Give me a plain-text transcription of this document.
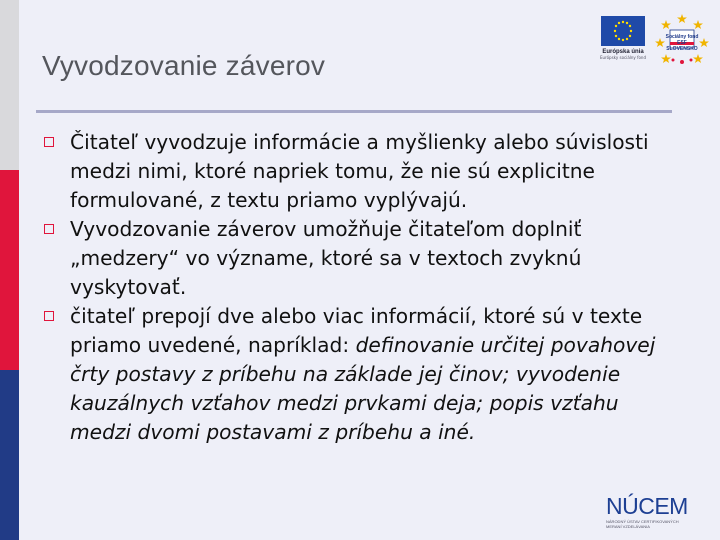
Vyvodzovanie záverov	Európska únia
Európsky sociálny fond
Sociálny fond ESF
SLOVENSKO

Čitateľ vyvodzuje informácie a myšlienky alebo súvislosti medzi nimi, ktoré napriek tomu, že nie sú explicitne formulované, z textu priamo vyplývajú.

Vyvodzovanie záverov umožňuje čitateľom doplniť „medzery“ vo význame, ktoré sa v textoch zvyknú vyskytovať.

čitateľ prepojí dve alebo viac informácií, ktoré sú v texte priamo uvedené, napríklad: definovanie určitej povahovej črty postavy z príbehu na základe jej činov; vyvodenie kauzálnych vzťahov medzi prvkami deja; popis vzťahu medzi dvomi postavami z príbehu a iné.

NÚCEM
NÁRODNÝ ÚSTAV CERTIFIKOVANÝCH MERANÍ VZDELÁVANIA
